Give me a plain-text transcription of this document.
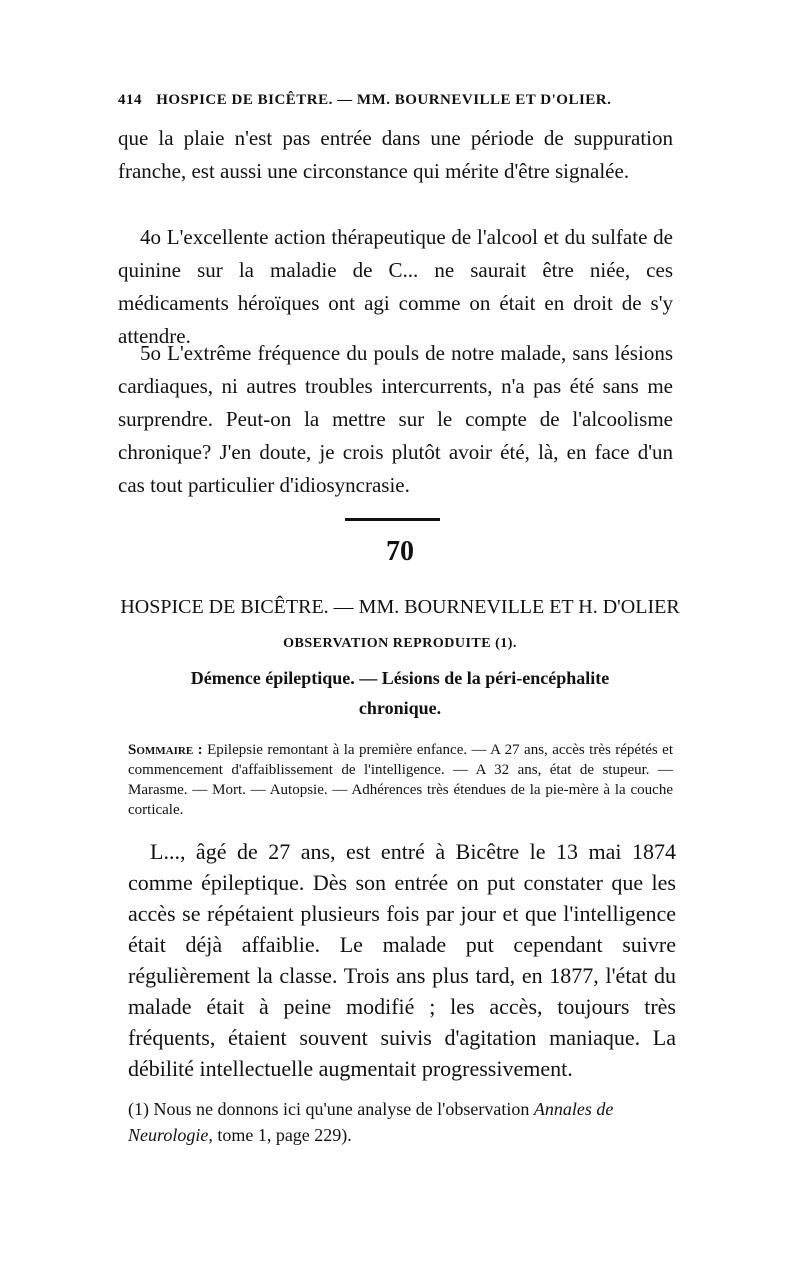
414 HOSPICE DE BICÊTRE. — MM. BOURNEVILLE ET D'OLIER.
que la plaie n'est pas entrée dans une période de suppuration franche, est aussi une circonstance qui mérite d'être signalée.
4o L'excellente action thérapeutique de l'alcool et du sulfate de quinine sur la maladie de C... ne saurait être niée, ces médicaments héroïques ont agi comme on était en droit de s'y attendre.
5o L'extrême fréquence du pouls de notre malade, sans lésions cardiaques, ni autres troubles intercurrents, n'a pas été sans me surprendre. Peut-on la mettre sur le compte de l'alcoolisme chronique? J'en doute, je crois plutôt avoir été, là, en face d'un cas tout particulier d'idiosyncrasie.
70
HOSPICE DE BICÊTRE. — MM. BOURNEVILLE ET H. D'OLIER
OBSERVATION REPRODUITE (1).
Démence épileptique. — Lésions de la péri-encéphalite
chronique.
Sommaire : Epilepsie remontant à la première enfance. — A 27 ans, accès très répétés et commencement d'affaiblissement de l'intelligence. — A 32 ans, état de stupeur. — Marasme. — Mort. — Autopsie. — Adhérences très étendues de la pie-mère à la couche corticale.
L..., âgé de 27 ans, est entré à Bicêtre le 13 mai 1874 comme épileptique. Dès son entrée on put constater que les accès se répétaient plusieurs fois par jour et que l'intelligence était déjà affaiblie. Le malade put cependant suivre régulièrement la classe. Trois ans plus tard, en 1877, l'état du malade était à peine modifié ; les accès, toujours très fréquents, étaient souvent suivis d'agitation maniaque. La débilité intellectuelle augmentait progressivement.
(1) Nous ne donnons ici qu'une analyse de l'observation Annales de Neurologie, tome 1, page 229).
